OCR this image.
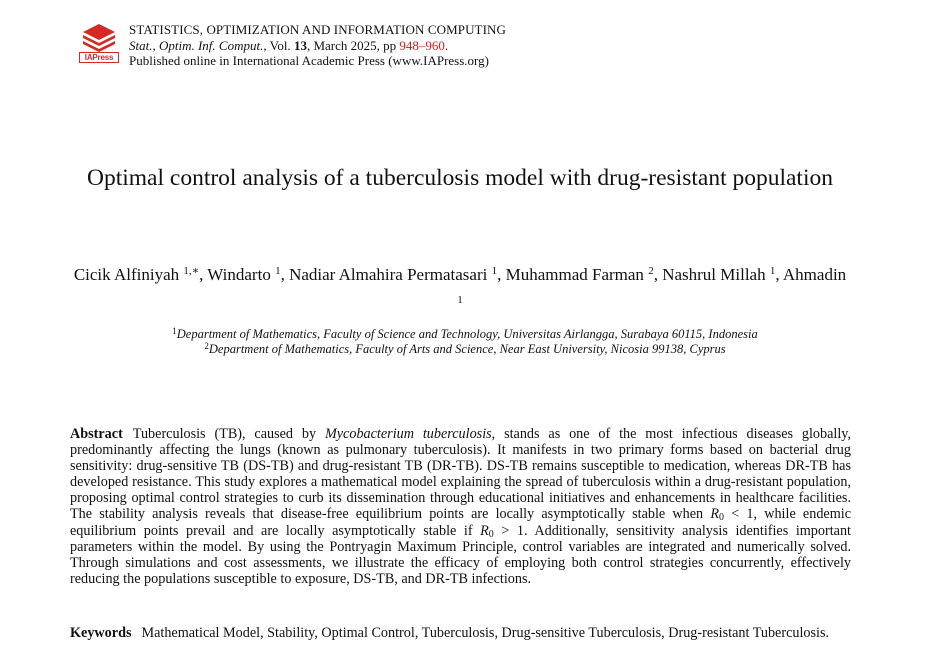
IAPress
STATISTICS, OPTIMIZATION AND INFORMATION COMPUTING
Stat., Optim. Inf. Comput., Vol. 13, March 2025, pp 948–960.
Published online in International Academic Press (www.IAPress.org)
Optimal control analysis of a tuberculosis model with drug-resistant population
Cicik Alfiniyah $^{1,∗}$, Windarto $^1$, Nadiar Almahira Permatasari $^1$, Muhammad Farman $^2$, Nashrul Millah $^1$, Ahmadin $^1$
$^1$Department of Mathematics, Faculty of Science and Technology, Universitas Airlangga, Surabaya 60115, Indonesia
$^2$Department of Mathematics, Faculty of Arts and Science, Near East University, Nicosia 99138, Cyprus
Abstract Tuberculosis (TB), caused by Mycobacterium tuberculosis, stands as one of the most infectious diseases globally, predominantly affecting the lungs (known as pulmonary tuberculosis). It manifests in two primary forms based on bacterial drug sensitivity: drug-sensitive TB (DS-TB) and drug-resistant TB (DR-TB). DS-TB remains susceptible to medication, whereas DR-TB has developed resistance. This study explores a mathematical model explaining the spread of tuberculosis within a drug-resistant population, proposing optimal control strategies to curb its dissemination through educational initiatives and enhancements in healthcare facilities. The stability analysis reveals that disease-free equilibrium points are locally asymptotically stable when $R_0 < 1$, while endemic equilibrium points prevail and are locally asymptotically stable if $R_0 > 1$. Additionally, sensitivity analysis identifies important parameters within the model. By using the Pontryagin Maximum Principle, control variables are integrated and numerically solved. Through simulations and cost assessments, we illustrate the efficacy of employing both control strategies concurrently, effectively reducing the populations susceptible to exposure, DS-TB, and DR-TB infections.
Keywords Mathematical Model, Stability, Optimal Control, Tuberculosis, Drug-sensitive Tuberculosis, Drug-resistant Tuberculosis.
